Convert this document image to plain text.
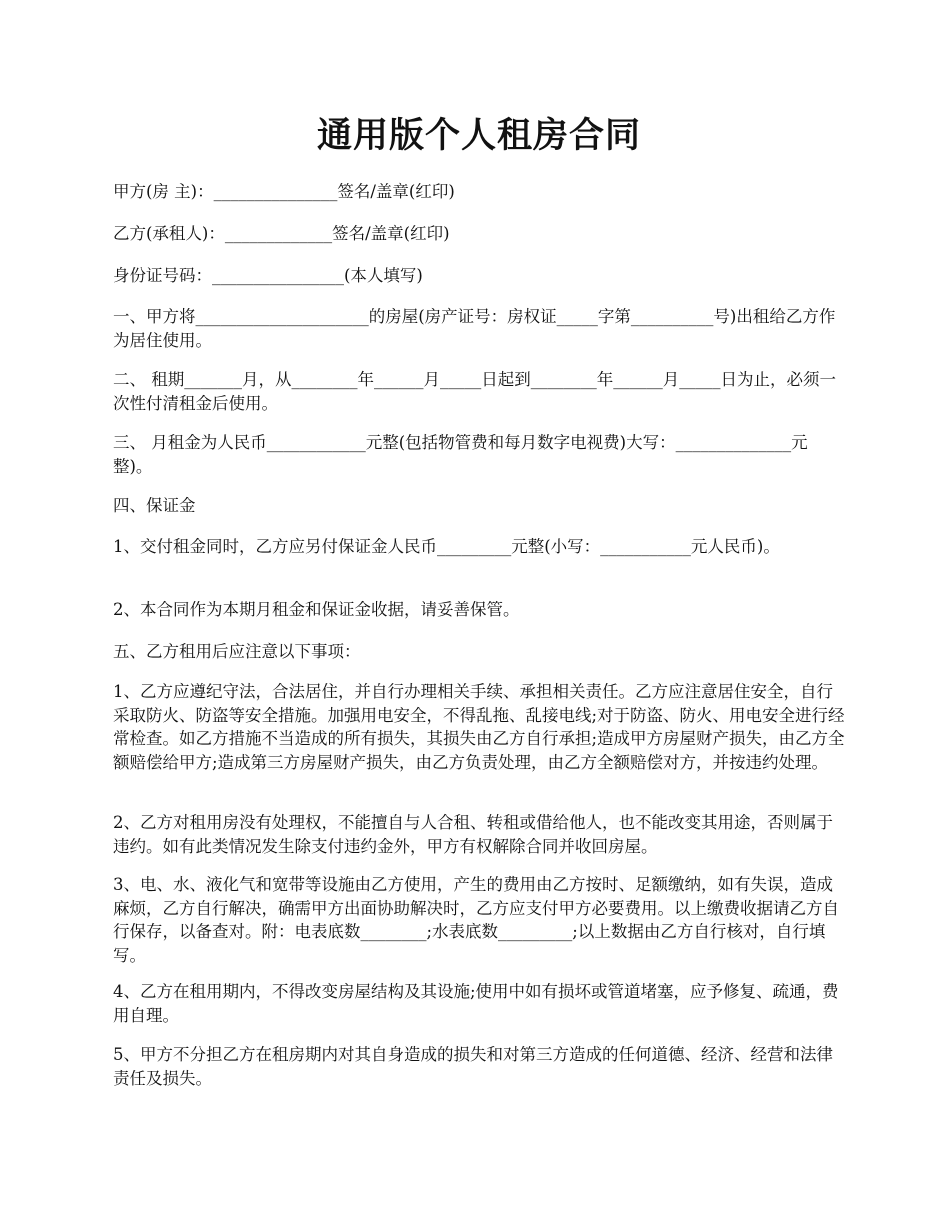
通用版个人租房合同

甲方(房 主)：_______________签名/盖章(红印)

乙方(承租人)：_____________签名/盖章(红印)

身份证号码：________________(本人填写)

一、甲方将_____________________的房屋(房产证号：房权证_____字第__________号)出租给乙方作为居住使用。

二、 租期_______月，从________年______月_____日起到________年______月_____日为止，必须一次性付清租金后使用。

三、 月租金为人民币____________元整(包括物管费和每月数字电视费)大写：______________元整)。

四、保证金

1、交付租金同时，乙方应另付保证金人民币_________元整(小写：___________元人民币)。

2、本合同作为本期月租金和保证金收据，请妥善保管。

五、乙方租用后应注意以下事项：

1、乙方应遵纪守法，合法居住，并自行办理相关手续、承担相关责任。乙方应注意居住安全，自行采取防火、防盗等安全措施。加强用电安全，不得乱拖、乱接电线;对于防盗、防火、用电安全进行经常检查。如乙方措施不当造成的所有损失，其损失由乙方自行承担;造成甲方房屋财产损失，由乙方全额赔偿给甲方;造成第三方房屋财产损失，由乙方负责处理，由乙方全额赔偿对方，并按违约处理。

2、乙方对租用房没有处理权，不能擅自与人合租、转租或借给他人，也不能改变其用途，否则属于违约。如有此类情况发生除支付违约金外，甲方有权解除合同并收回房屋。

3、电、水、液化气和宽带等设施由乙方使用，产生的费用由乙方按时、足额缴纳，如有失误，造成麻烦，乙方自行解决，确需甲方出面协助解决时，乙方应支付甲方必要费用。以上缴费收据请乙方自行保存，以备查对。附：电表底数________;水表底数_________;以上数据由乙方自行核对，自行填写。

4、乙方在租用期内，不得改变房屋结构及其设施;使用中如有损坏或管道堵塞，应予修复、疏通，费用自理。

5、甲方不分担乙方在租房期内对其自身造成的损失和对第三方造成的任何道德、经济、经营和法律责任及损失。
